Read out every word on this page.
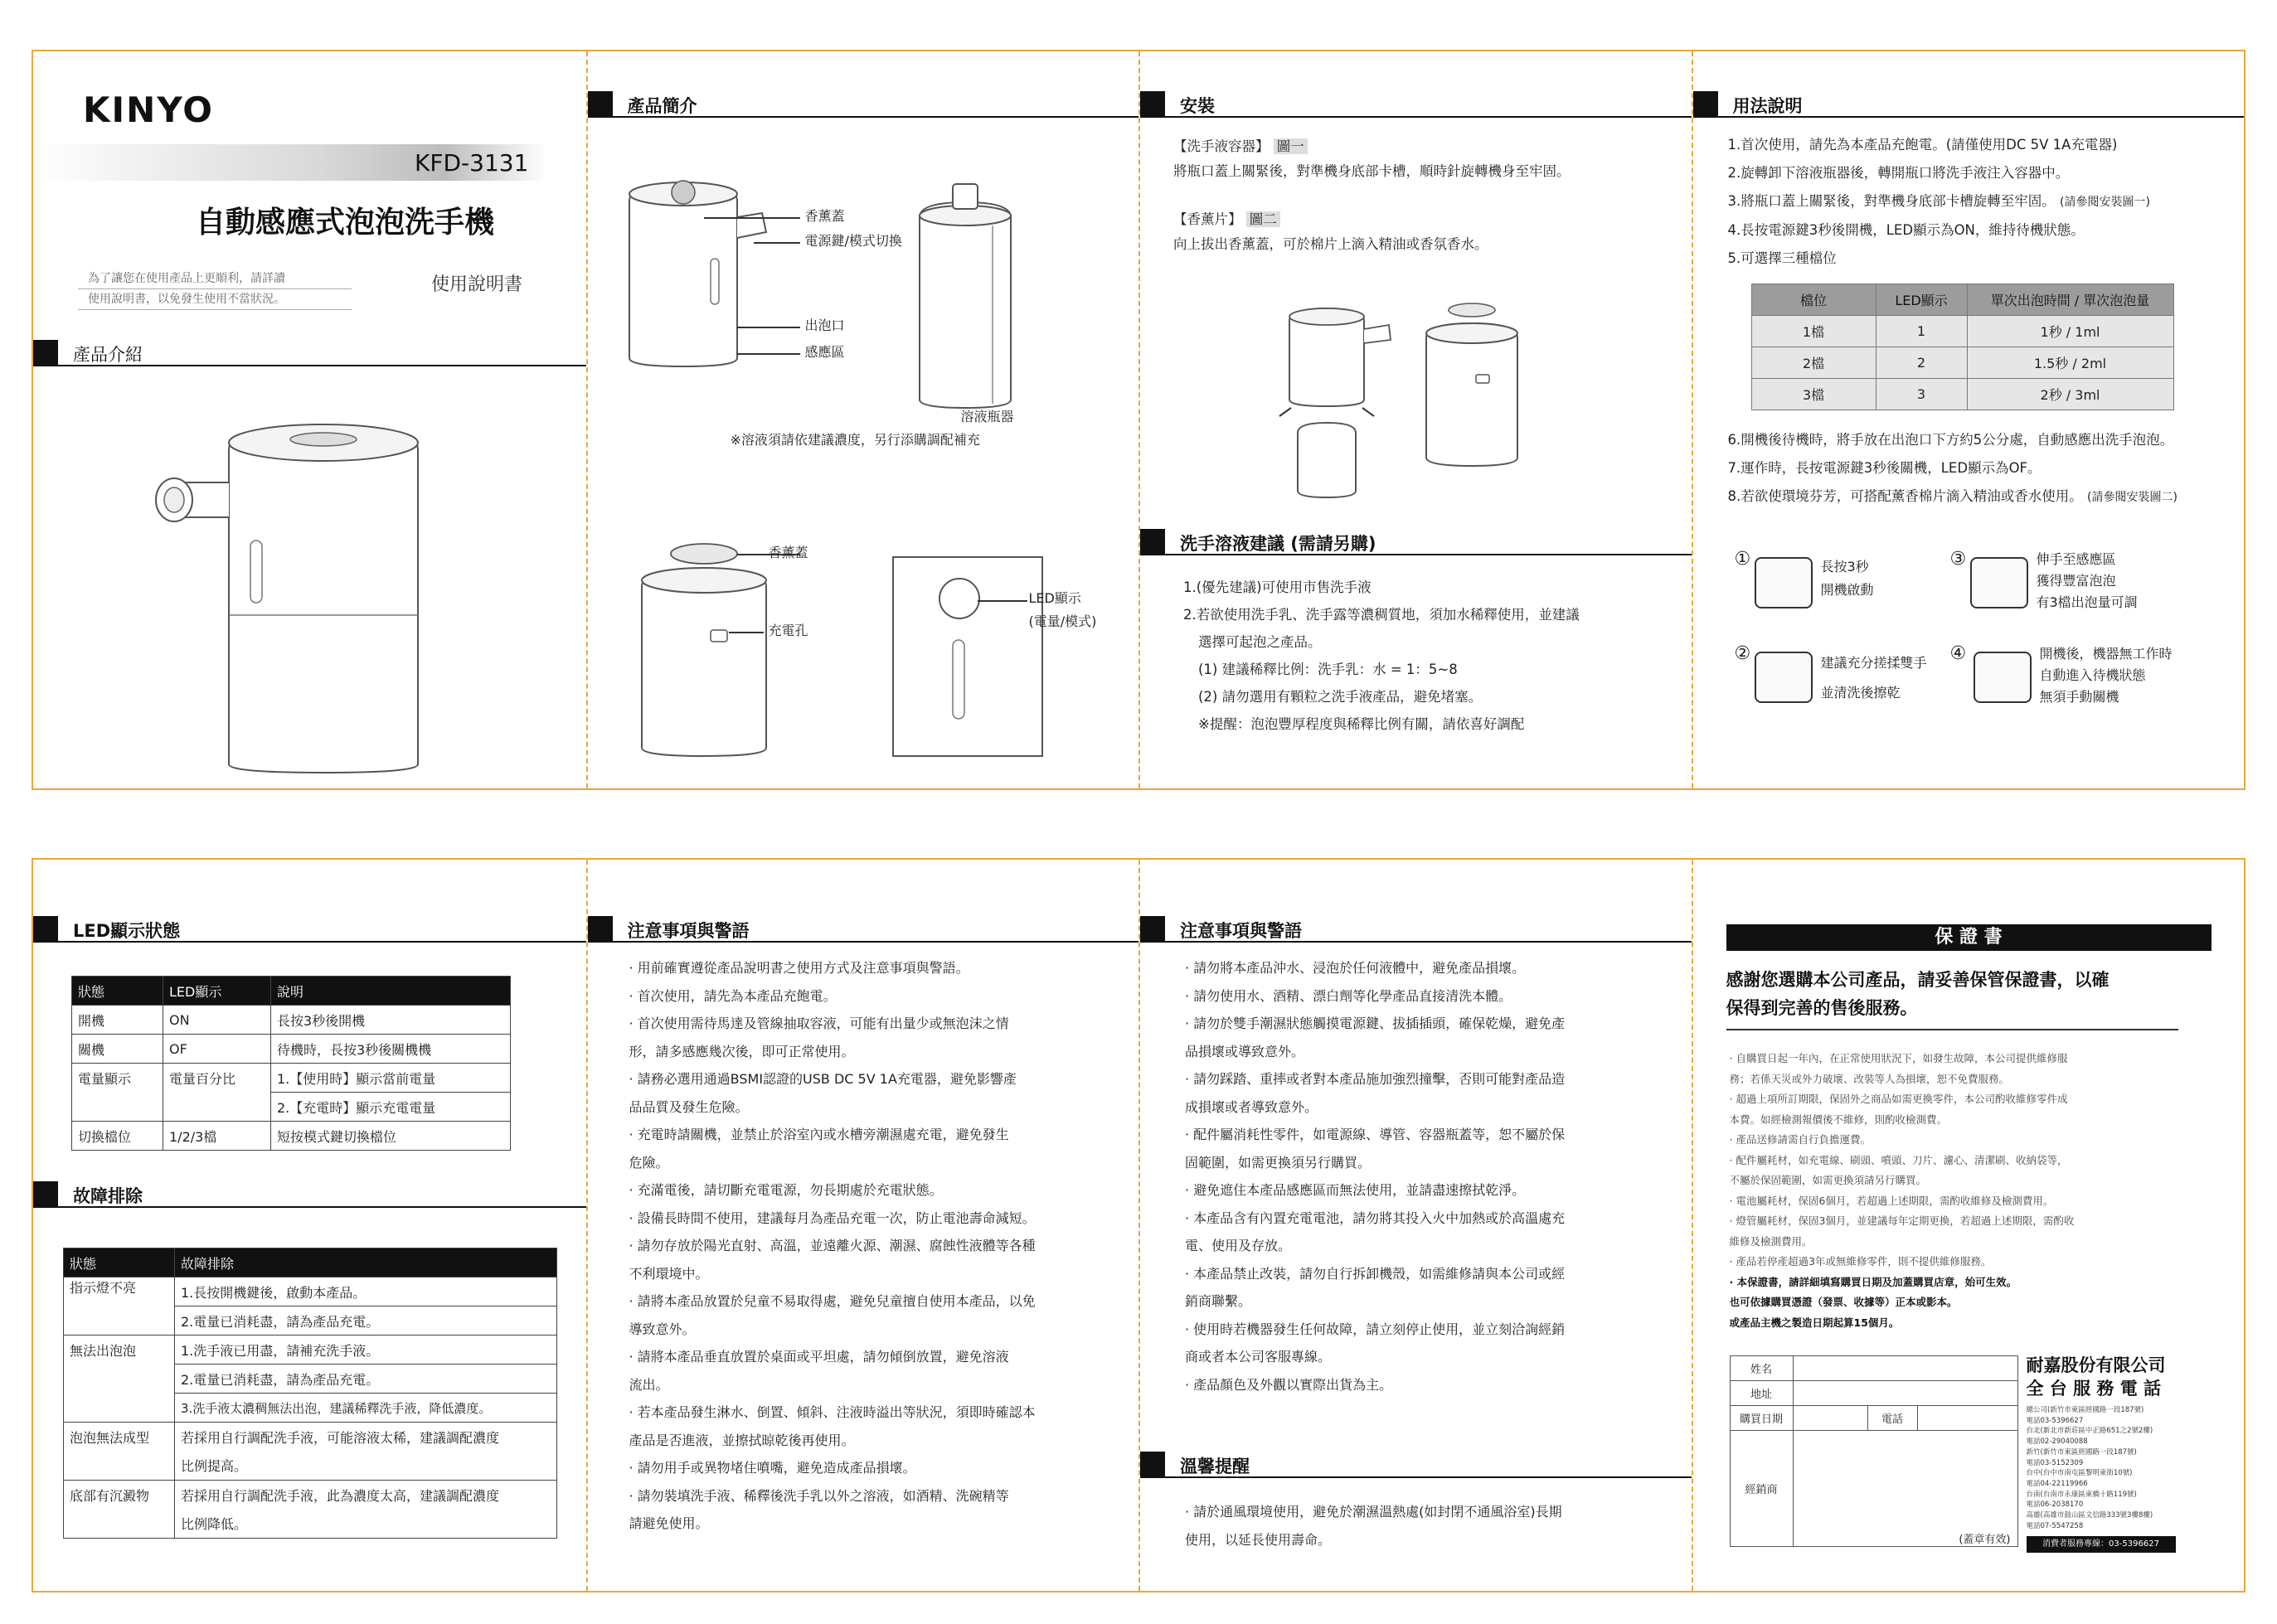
KINYO
KFD-3131
自動感應式泡泡洗手機
為了讓您在使用產品上更順利，請詳讀
使用說明書，以免發生使用不當狀況。
使用說明書
產品介紹
產品簡介
香薰蓋
電源鍵/模式切換
出泡口
感應區
溶液瓶器
※溶液須請依建議濃度，另行添購調配補充
香薰蓋
充電孔
LED顯示
(電量/模式)
安裝
【洗手液容器】 圖一
將瓶口蓋上關緊後，對準機身底部卡槽，順時針旋轉機身至牢固。
【香薰片】 圖二
向上拔出香薰蓋，可於棉片上滴入精油或香氛香水。
洗手溶液建議 (需請另購)
1.(優先建議)可使用市售洗手液
2.若欲使用洗手乳、洗手露等濃稠質地，須加水稀釋使用，並建議
選擇可起泡之產品。
(1) 建議稀釋比例：洗手乳：水 = 1：5~8
(2) 請勿選用有顆粒之洗手液產品，避免堵塞。
※提醒：泡泡豐厚程度與稀釋比例有關，請依喜好調配
用法說明
1.首次使用，請先為本產品充飽電。(請僅使用DC 5V 1A充電器)
2.旋轉卸下溶液瓶器後，轉開瓶口將洗手液注入容器中。
3.將瓶口蓋上關緊後，對準機身底部卡槽旋轉至牢固。 (請參閱安裝圖一)
4.長按電源鍵3秒後開機，LED顯示為ON，維持待機狀態。
5.可選擇三種檔位
檔位	LED顯示	單次出泡時間 / 單次泡泡量
1檔	1	1秒 / 1ml
2檔	2	1.5秒 / 2ml
3檔	3	2秒 / 3ml
6.開機後待機時，將手放在出泡口下方約5公分處，自動感應出洗手泡泡。
7.運作時，長按電源鍵3秒後關機，LED顯示為OF。
8.若欲使環境芬芳，可搭配薰香棉片滴入精油或香水使用。 (請參閱安裝圖二)
①	長按3秒
開機啟動
③	伸手至感應區
獲得豐富泡泡
有3檔出泡量可調
②	建議充分搓揉雙手
並清洗後擦乾
④	開機後，機器無工作時
自動進入待機狀態
無須手動關機
LED顯示狀態
狀態	LED顯示	說明
開機	ON	長按3秒後開機
關機	OF	待機時，長按3秒後關機機
電量顯示	電量百分比	1.【使用時】顯示當前電量
		2.【充電時】顯示充電電量
切換檔位	1/2/3檔	短按模式鍵切換檔位
故障排除
狀態	故障排除
指示燈不亮	1.長按開機鍵後，啟動本產品。
	2.電量已消耗盡，請為產品充電。
無法出泡泡	1.洗手液已用盡，請補充洗手液。
	2.電量已消耗盡，請為產品充電。
	3.洗手液太濃稠無法出泡，建議稀釋洗手液，降低濃度。
泡泡無法成型	若採用自行調配洗手液，可能溶液太稀，建議調配濃度
	比例提高。
底部有沉澱物	若採用自行調配洗手液，此為濃度太高，建議調配濃度
	比例降低。
注意事項與警語
· 用前確實遵從產品說明書之使用方式及注意事項與警語。
· 首次使用，請先為本產品充飽電。
· 首次使用需待馬達及管線抽取容液，可能有出量少或無泡沫之情
形，請多感應幾次後，即可正常使用。
· 請務必選用通過BSMI認證的USB DC 5V 1A充電器，避免影響產
品品質及發生危險。
· 充電時請關機，並禁止於浴室內或水槽旁潮濕處充電，避免發生
危險。
· 充滿電後，請切斷充電電源，勿長期處於充電狀態。
· 設備長時間不使用，建議每月為產品充電一次，防止電池壽命減短。
· 請勿存放於陽光直射、高溫，並遠離火源、潮濕、腐蝕性液體等各種
不利環境中。
· 請將本產品放置於兒童不易取得處，避免兒童擅自使用本產品，以免
導致意外。
· 請將本產品垂直放置於桌面或平坦處，請勿傾倒放置，避免溶液
流出。
· 若本產品發生淋水、倒置、傾斜、注液時溢出等狀況，須即時確認本
產品是否進液，並擦拭晾乾後再使用。
· 請勿用手或異物堵住噴嘴，避免造成產品損壞。
· 請勿裝填洗手液、稀釋後洗手乳以外之溶液，如酒精、洗碗精等
請避免使用。
注意事項與警語
· 請勿將本產品沖水、浸泡於任何液體中，避免產品損壞。
· 請勿使用水、酒精、漂白劑等化學產品直接清洗本體。
· 請勿於雙手潮濕狀態觸摸電源鍵、拔插插頭，確保乾燥，避免產
品損壞或導致意外。
· 請勿踩踏、重摔或者對本產品施加強烈撞擊，否則可能對產品造
成損壞或者導致意外。
· 配件屬消耗性零件，如電源線、導管、容器瓶蓋等，恕不屬於保
固範圍，如需更換須另行購買。
· 避免遮住本產品感應區而無法使用，並請盡速擦拭乾淨。
· 本產品含有內置充電電池，請勿將其投入火中加熱或於高溫處充
電、使用及存放。
· 本產品禁止改裝，請勿自行拆卸機殼，如需維修請與本公司或經
銷商聯繫。
· 使用時若機器發生任何故障，請立刻停止使用，並立刻洽詢經銷
商或者本公司客服專線。
· 產品顏色及外觀以實際出貨為主。
溫馨提醒
· 請於通風環境使用，避免於潮濕溫熱處(如封閉不通風浴室)長期
使用，以延長使用壽命。
保 證 書
感謝您選購本公司產品，請妥善保管保證書，以確
保得到完善的售後服務。
· 自購買日起一年內，在正常使用狀況下，如發生故障，本公司提供維修服
務；若係天災或外力破壞、改裝等人為損壞，恕不免費服務。
· 超過上項所訂期限，保固外之商品如需更換零件，本公司酌收維修零件成
本費。如經檢測報價後不維修，則酌收檢測費。
· 產品送修請需自行負擔運費。
· 配件屬耗材，如充電線、刷頭、噴頭、刀片、濾心、清潔刷、收納袋等，
不屬於保固範圍，如需更換須請另行購買。
· 電池屬耗材，保固6個月，若超過上述期限，需酌收維修及檢測費用。
· 燈管屬耗材，保固3個月，並建議每年定期更換，若超過上述期限，需酌收
維修及檢測費用。
· 產品若停產超過3年或無維修零件，則不提供維修服務。
· 本保證書，請詳細填寫購買日期及加蓋購買店章，始可生效。
也可依據購買憑證（發票、收據等）正本或影本。
或產品主機之製造日期起算15個月。
姓名			
地址			
購買日期		電話	
經銷商	(蓋章有效)		
耐嘉股份有限公司
全 台 服 務 電 話
總公司(新竹市東區經國路一段187號)
電話03-5396627
台北(新北市新莊區中正路651之2號2樓)
電話02-29040088
新竹(新竹市東區經國路一段187號)
電話03-5152309
台中(台中市南屯區黎明東街10號)
電話04-22119966
台南(台南市永康區東橋十路119號)
電話06-2038170
高雄(高雄市鼓山區文信路333號3樓8樓)
電話07-5547258
消費者服務專線：03-5396627
